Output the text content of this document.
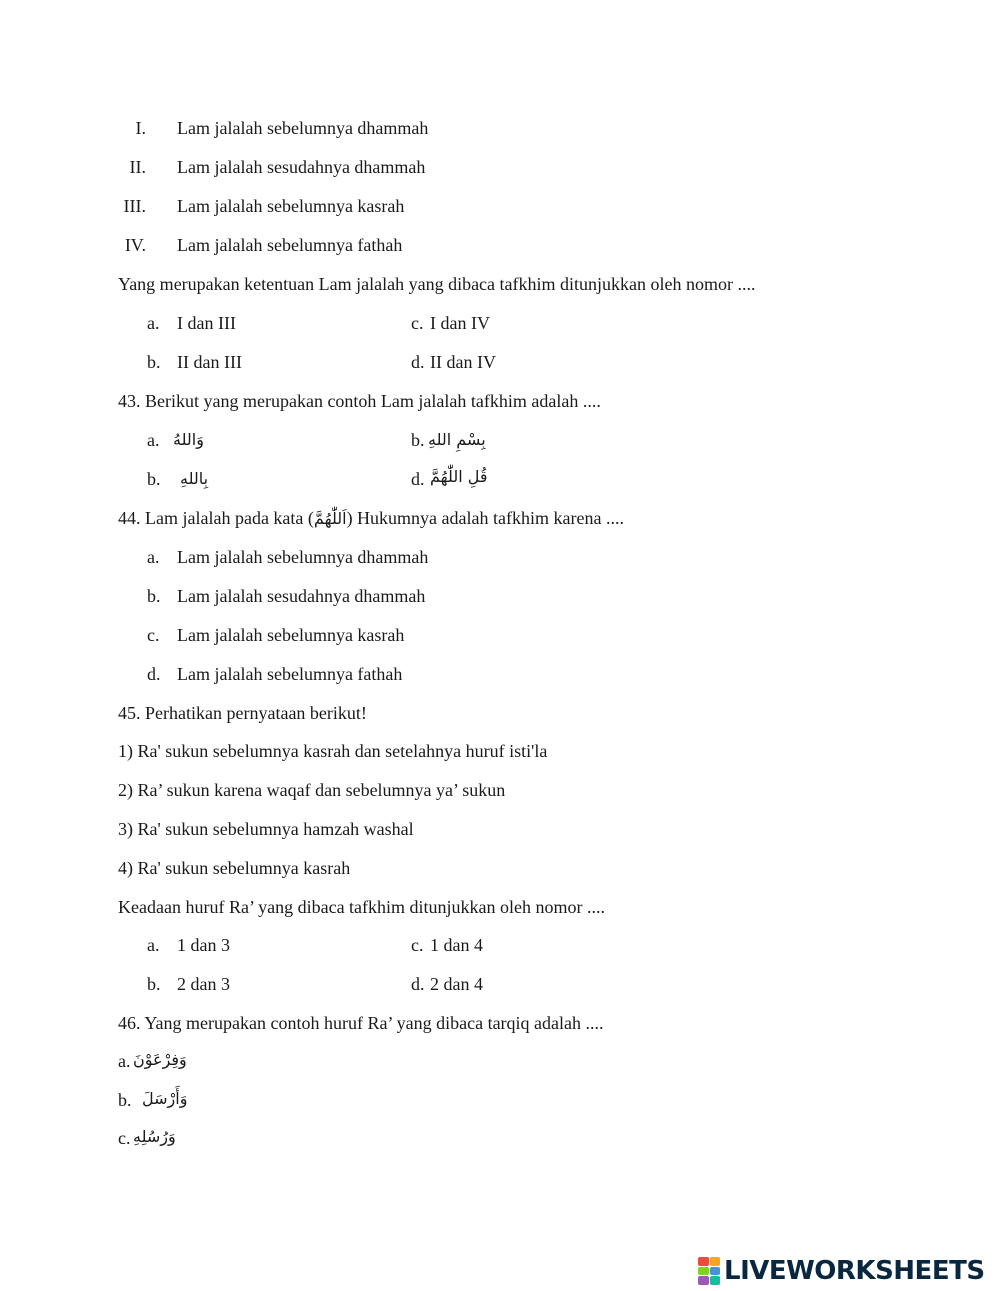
I. Lam jalalah sebelumnya dhammah
II. Lam jalalah sesudahnya dhammah
III. Lam jalalah sebelumnya kasrah
IV. Lam jalalah sebelumnya fathah
Yang merupakan ketentuan Lam jalalah yang dibaca tafkhim ditunjukkan oleh nomor ....
a. I dan III	c. I dan IV
b. II dan III	d. II dan IV
43. Berikut yang merupakan contoh Lam jalalah tafkhim adalah ....
a. وَاللهُ	b. بِسْمِ اللهِ
b. بِاللهِ	d. قُلِ اللّٰهُمَّ
44. Lam jalalah pada kata (اَللّٰهُمَّ) Hukumnya adalah tafkhim karena ....
a. Lam jalalah sebelumnya dhammah
b. Lam jalalah sesudahnya dhammah
c. Lam jalalah sebelumnya kasrah
d. Lam jalalah sebelumnya fathah
45. Perhatikan pernyataan berikut!
1) Ra' sukun sebelumnya kasrah dan setelahnya huruf isti'la
2) Ra’ sukun karena waqaf dan sebelumnya ya’ sukun
3) Ra' sukun sebelumnya hamzah washal
4) Ra' sukun sebelumnya kasrah
Keadaan huruf Ra’ yang dibaca tafkhim ditunjukkan oleh nomor ....
a. 1 dan 3	c. 1 dan 4
b. 2 dan 3	d. 2 dan 4
46. Yang merupakan contoh huruf Ra’ yang dibaca tarqiq adalah ....
a. وَفِرْعَوْنَ
b. وَأَرْسَلَ
c. وَرُسُلِهِ
LIVEWORKSHEETS
